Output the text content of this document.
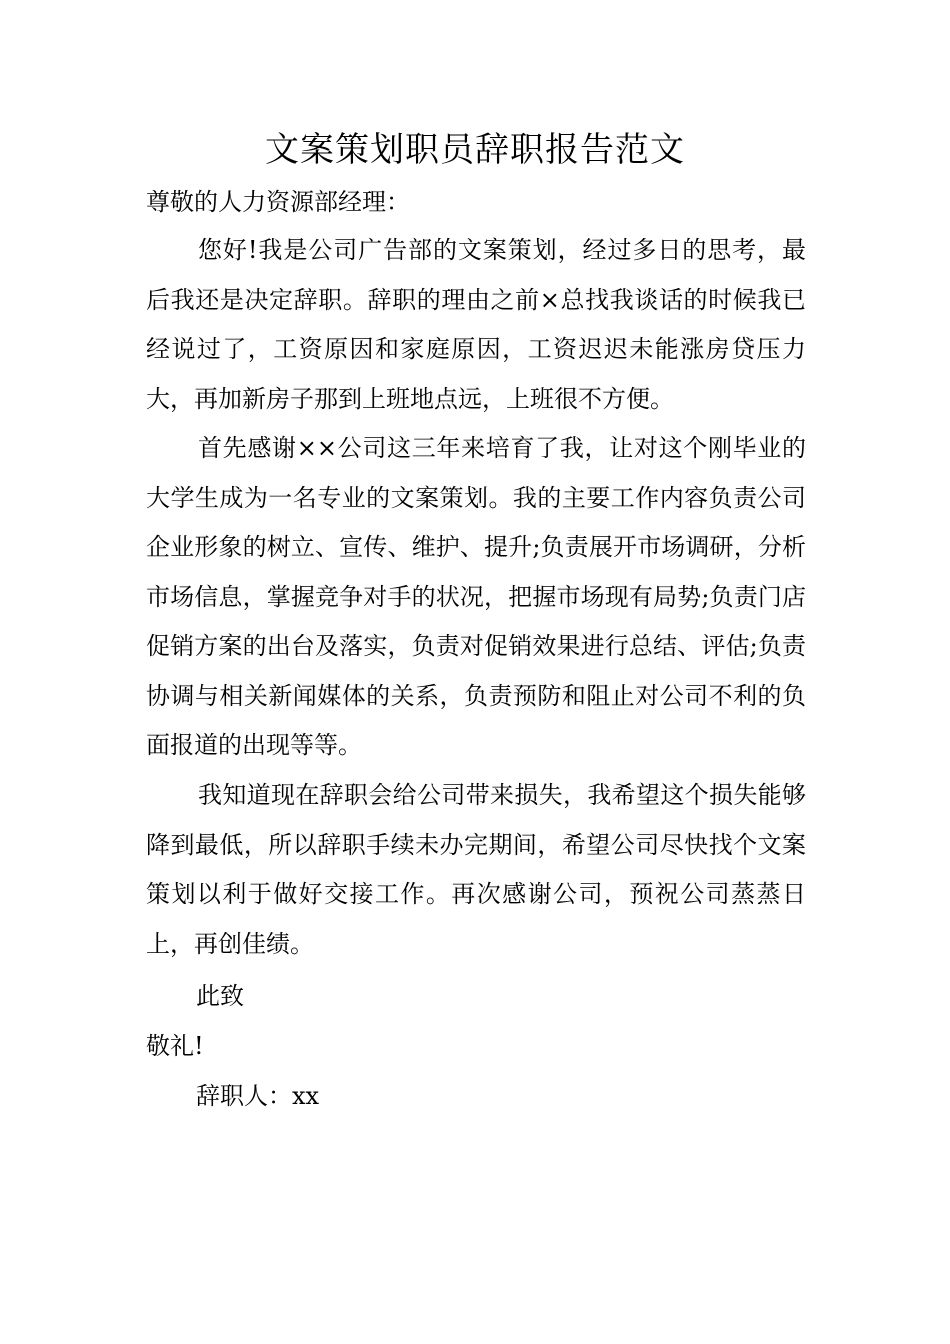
文案策划职员辞职报告范文

尊敬的人力资源部经理：

您好!我是公司广告部的文案策划，经过多日的思考，最后我还是决定辞职。辞职的理由之前×总找我谈话的时候我已经说过了，工资原因和家庭原因，工资迟迟未能涨房贷压力大，再加新房子那到上班地点远，上班很不方便。

首先感谢××公司这三年来培育了我，让对这个刚毕业的大学生成为一名专业的文案策划。我的主要工作内容负责公司企业形象的树立、宣传、维护、提升;负责展开市场调研，分析市场信息，掌握竞争对手的状况，把握市场现有局势;负责门店促销方案的出台及落实，负责对促销效果进行总结、评估;负责协调与相关新闻媒体的关系，负责预防和阻止对公司不利的负面报道的出现等等。

我知道现在辞职会给公司带来损失，我希望这个损失能够降到最低，所以辞职手续未办完期间，希望公司尽快找个文案策划以利于做好交接工作。再次感谢公司，预祝公司蒸蒸日上，再创佳绩。

此致

敬礼!

辞职人：xx
